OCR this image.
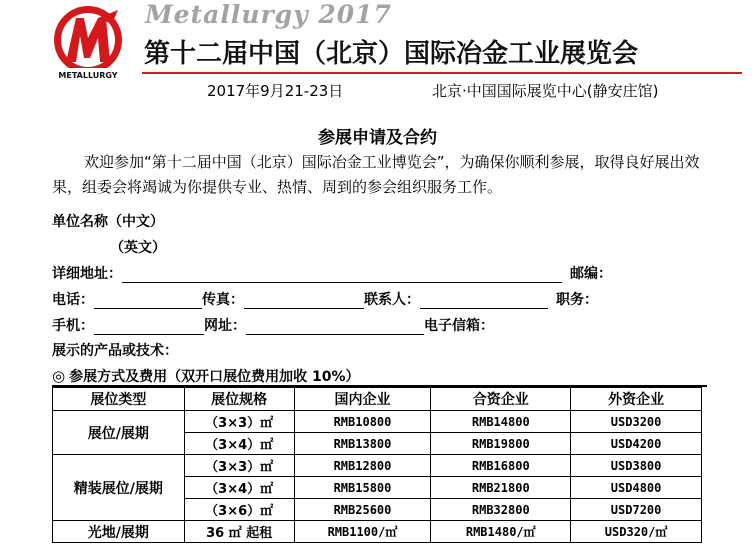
METALLURGY
Metallurgy 2017
第十二届中国（北京）国际冶金工业展览会
2017年9月21-23日	北京·中国国际展览中心(静安庄馆)
参展申请及合约
欢迎参加“第十二届中国（北京）国际冶金工业博览会”，为确保你顺利参展，取得良好展出效果，组委会将竭诚为你提供专业、热情、周到的参会组织服务工作。
单位名称（中文）
（英文）
详细地址：	邮编：
电话：	传真：	联系人：	职务：
手机：	网址：	电子信箱：
展示的产品或技术：
◎ 参展方式及费用（双开口展位费用加收 10%）
展位类型	展位规格	国内企业	合资企业	外资企业
展位/展期	（3×3）㎡	RMB10800	RMB14800	USD3200
	（3×4）㎡	RMB13800	RMB19800	USD4200
精装展位/展期	（3×3）㎡	RMB12800	RMB16800	USD3800
	（3×4）㎡	RMB15800	RMB21800	USD4800
	（3×6）㎡	RMB25600	RMB32800	USD7200
光地/展期	36 ㎡ 起租	RMB1100/㎡	RMB1480/㎡	USD320/㎡
